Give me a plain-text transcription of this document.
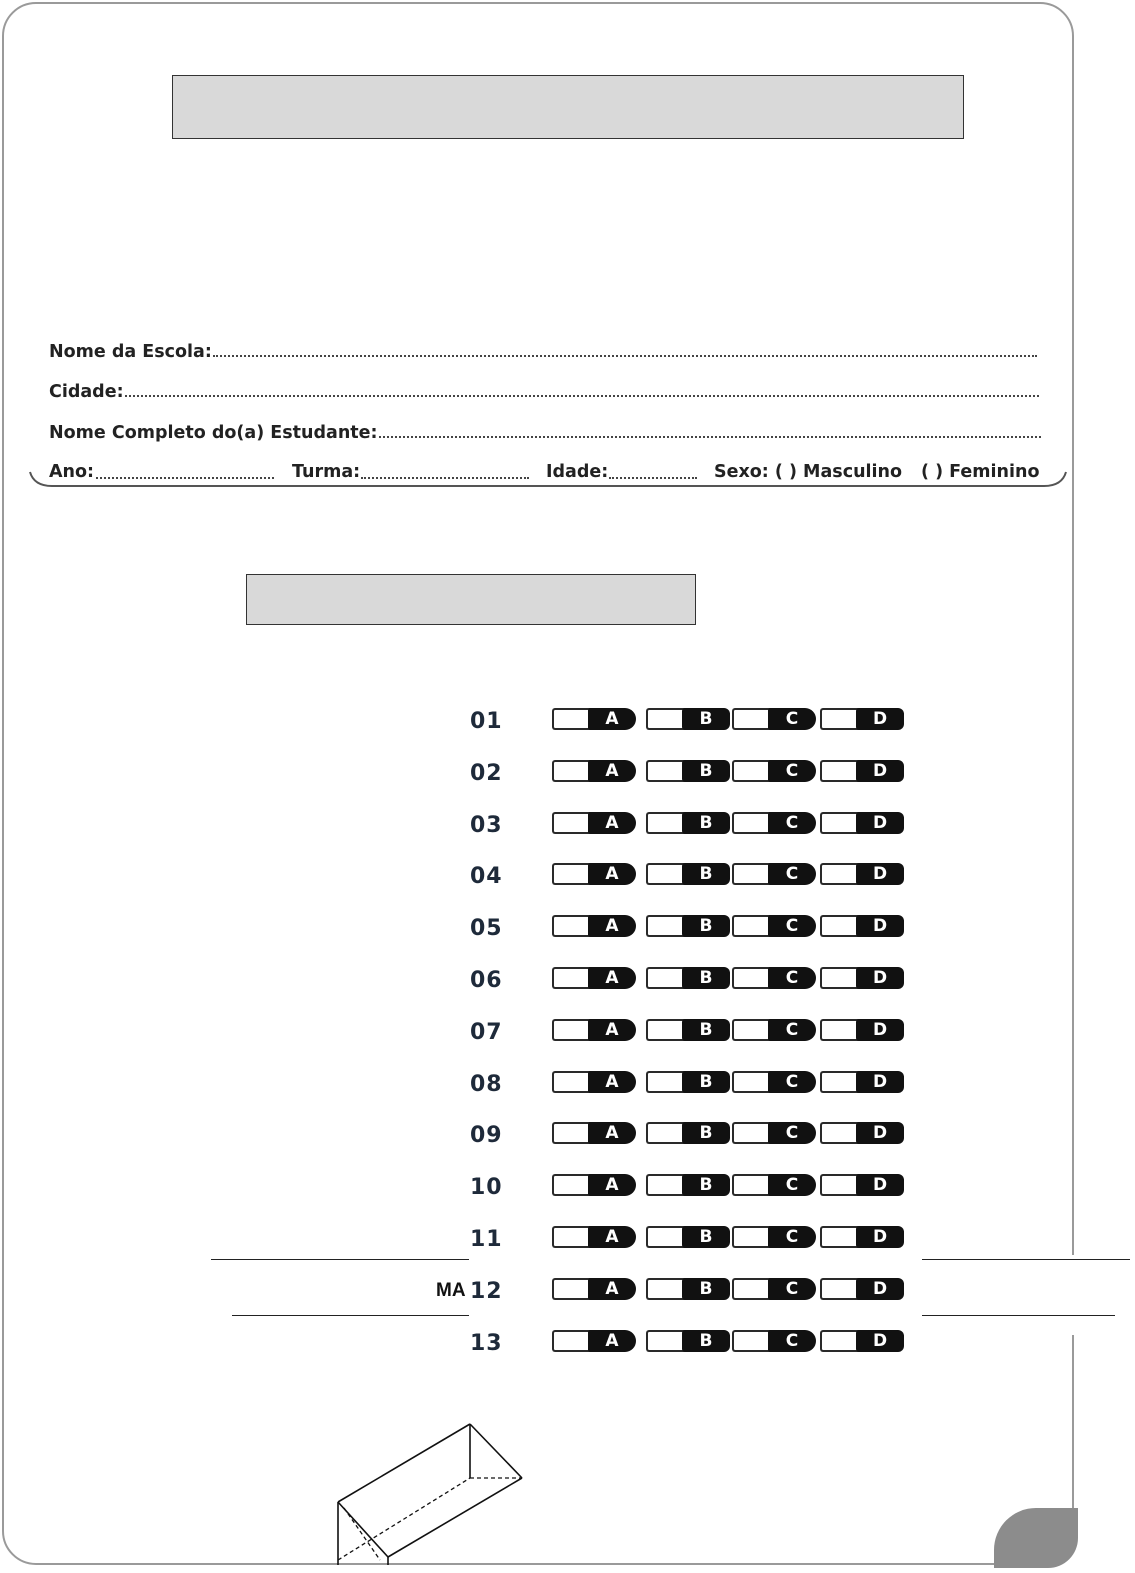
Nome da Escola:
Cidade:
Nome Completo do(a) Estudante:
Ano:	Turma:	Idade:	Sexo: ( ) Masculino ( ) Feminino
MA
01	A	B	C	D
02	A	B	C	D
03	A	B	C	D
04	A	B	C	D
05	A	B	C	D
06	A	B	C	D
07	A	B	C	D
08	A	B	C	D
09	A	B	C	D
10	A	B	C	D
11	A	B	C	D
12	A	B	C	D
13	A	B	C	D
